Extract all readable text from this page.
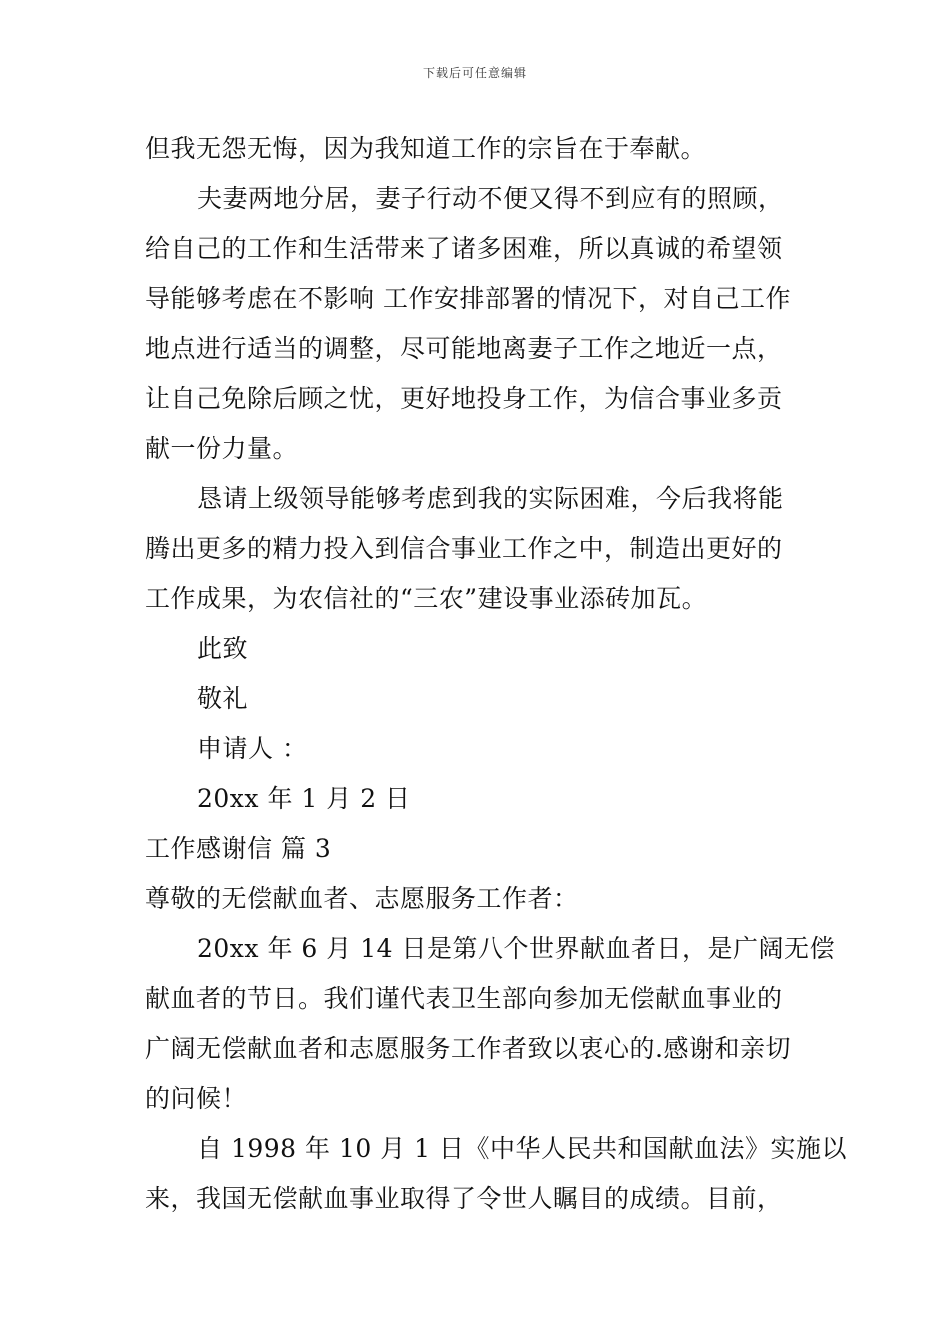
下载后可任意编辑
但我无怨无悔，因为我知道工作的宗旨在于奉献。
夫妻两地分居，妻子行动不便又得不到应有的照顾，
给自己的工作和生活带来了诸多困难，所以真诚的希望领
导能够考虑在不影响 工作安排部署的情况下，对自己工作
地点进行适当的调整，尽可能地离妻子工作之地近一点，
让自己免除后顾之忧，更好地投身工作，为信合事业多贡
献一份力量。
恳请上级领导能够考虑到我的实际困难，今后我将能
腾出更多的精力投入到信合事业工作之中，制造出更好的
工作成果，为农信社的“三农”建设事业添砖加瓦。
此致
敬礼
申请人 ：
20xx 年 1 月 2 日
工作感谢信 篇 3
尊敬的无偿献血者、志愿服务工作者：
20xx 年 6 月 14 日是第八个世界献血者日，是广阔无偿
献血者的节日。我们谨代表卫生部向参加无偿献血事业的
广阔无偿献血者和志愿服务工作者致以衷心的.感谢和亲切
的问候！
自 1998 年 10 月 1 日《中华人民共和国献血法》实施以
来，我国无偿献血事业取得了令世人瞩目的成绩。目前，
